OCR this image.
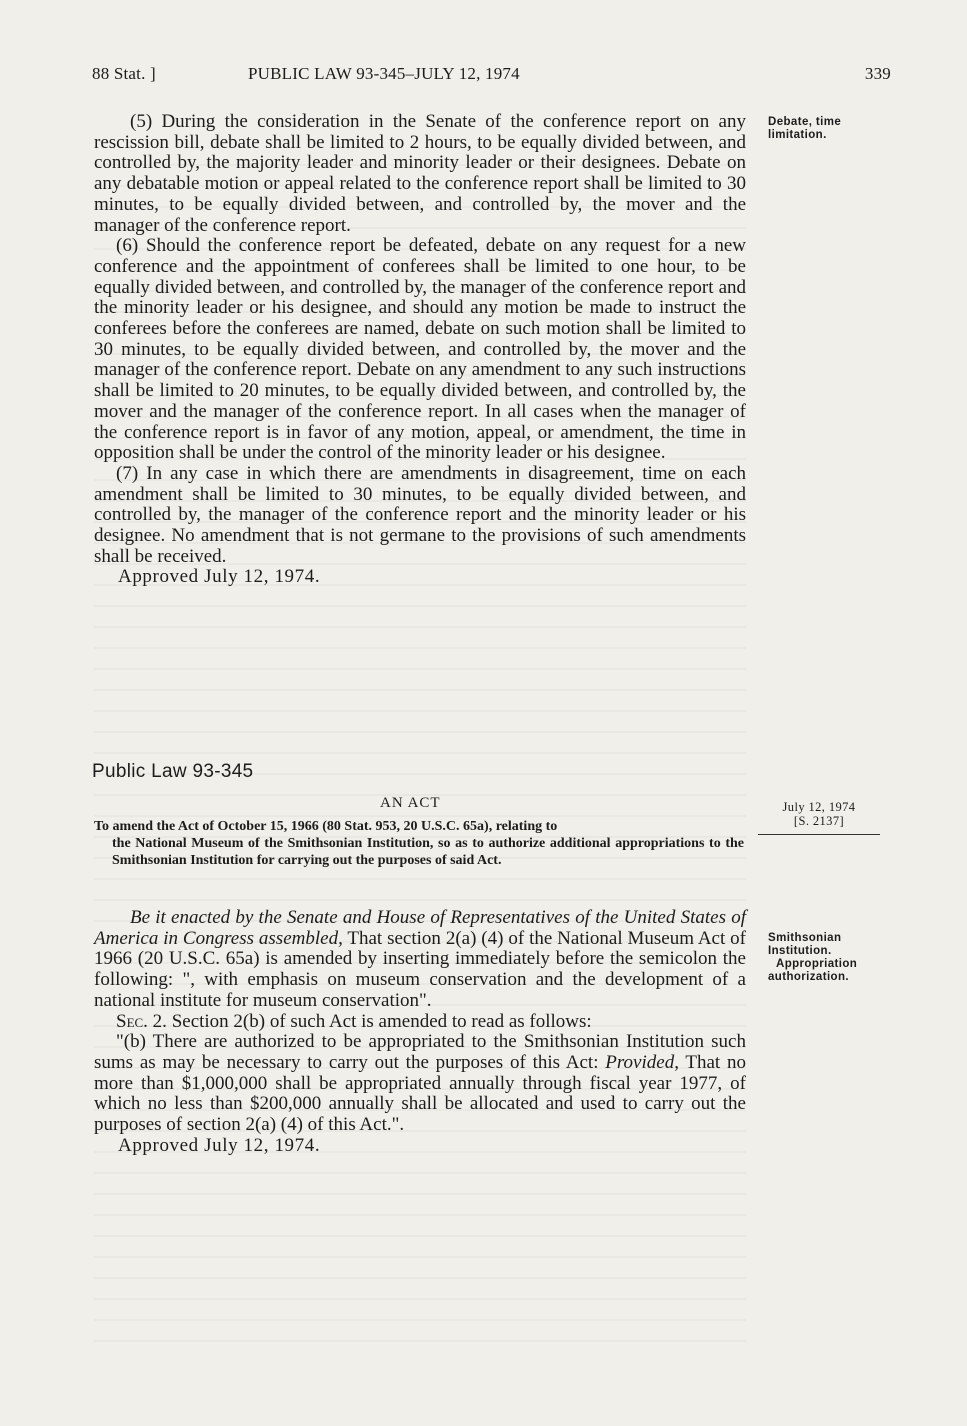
88 Stat. ]	PUBLIC LAW 93-345–JULY 12, 1974	339

(5) During the consideration in the Senate of the conference report on any rescission bill, debate shall be limited to 2 hours, to be equally divided between, and controlled by, the majority leader and minority leader or their designees. Debate on any debatable motion or appeal related to the conference report shall be limited to 30 minutes, to be equally divided between, and controlled by, the mover and the manager of the conference report.

(6) Should the conference report be defeated, debate on any request for a new conference and the appointment of conferees shall be limited to one hour, to be equally divided between, and controlled by, the manager of the conference report and the minority leader or his designee, and should any motion be made to instruct the conferees before the conferees are named, debate on such motion shall be limited to 30 minutes, to be equally divided between, and controlled by, the mover and the manager of the conference report. Debate on any amendment to any such instructions shall be limited to 20 minutes, to be equally divided between, and controlled by, the mover and the manager of the conference report. In all cases when the manager of the conference report is in favor of any motion, appeal, or amendment, the time in opposition shall be under the control of the minority leader or his designee.

(7) In any case in which there are amendments in disagreement, time on each amendment shall be limited to 30 minutes, to be equally divided between, and controlled by, the manager of the conference report and the minority leader or his designee. No amendment that is not germane to the provisions of such amendments shall be received.

Approved July 12, 1974.

Debate, time
limitation.
Public Law 93-345
AN ACT	July 12, 1974
[S. 2137]
To amend the Act of October 15, 1966 (80 Stat. 953, 20 U.S.C. 65a), relating to
the National Museum of the Smithsonian Institution, so as to authorize additional appropriations to the Smithsonian Institution for carrying out the purposes of said Act.

Be it enacted by the Senate and House of Representatives of the United States of America in Congress assembled, That section 2(a) (4) of the National Museum Act of 1966 (20 U.S.C. 65a) is amended by inserting immediately before the semicolon the following: ", with emphasis on museum conservation and the development of a national institute for museum conservation".

Sec. 2. Section 2(b) of such Act is amended to read as follows:

"(b) There are authorized to be appropriated to the Smithsonian Institution such sums as may be necessary to carry out the purposes of this Act: Provided, That no more than $1,000,000 shall be appropriated annually through fiscal year 1977, of which no less than $200,000 annually shall be allocated and used to carry out the purposes of section 2(a) (4) of this Act.".

Approved July 12, 1974.

Smithsonian
Institution.
Appropriation
authorization.
